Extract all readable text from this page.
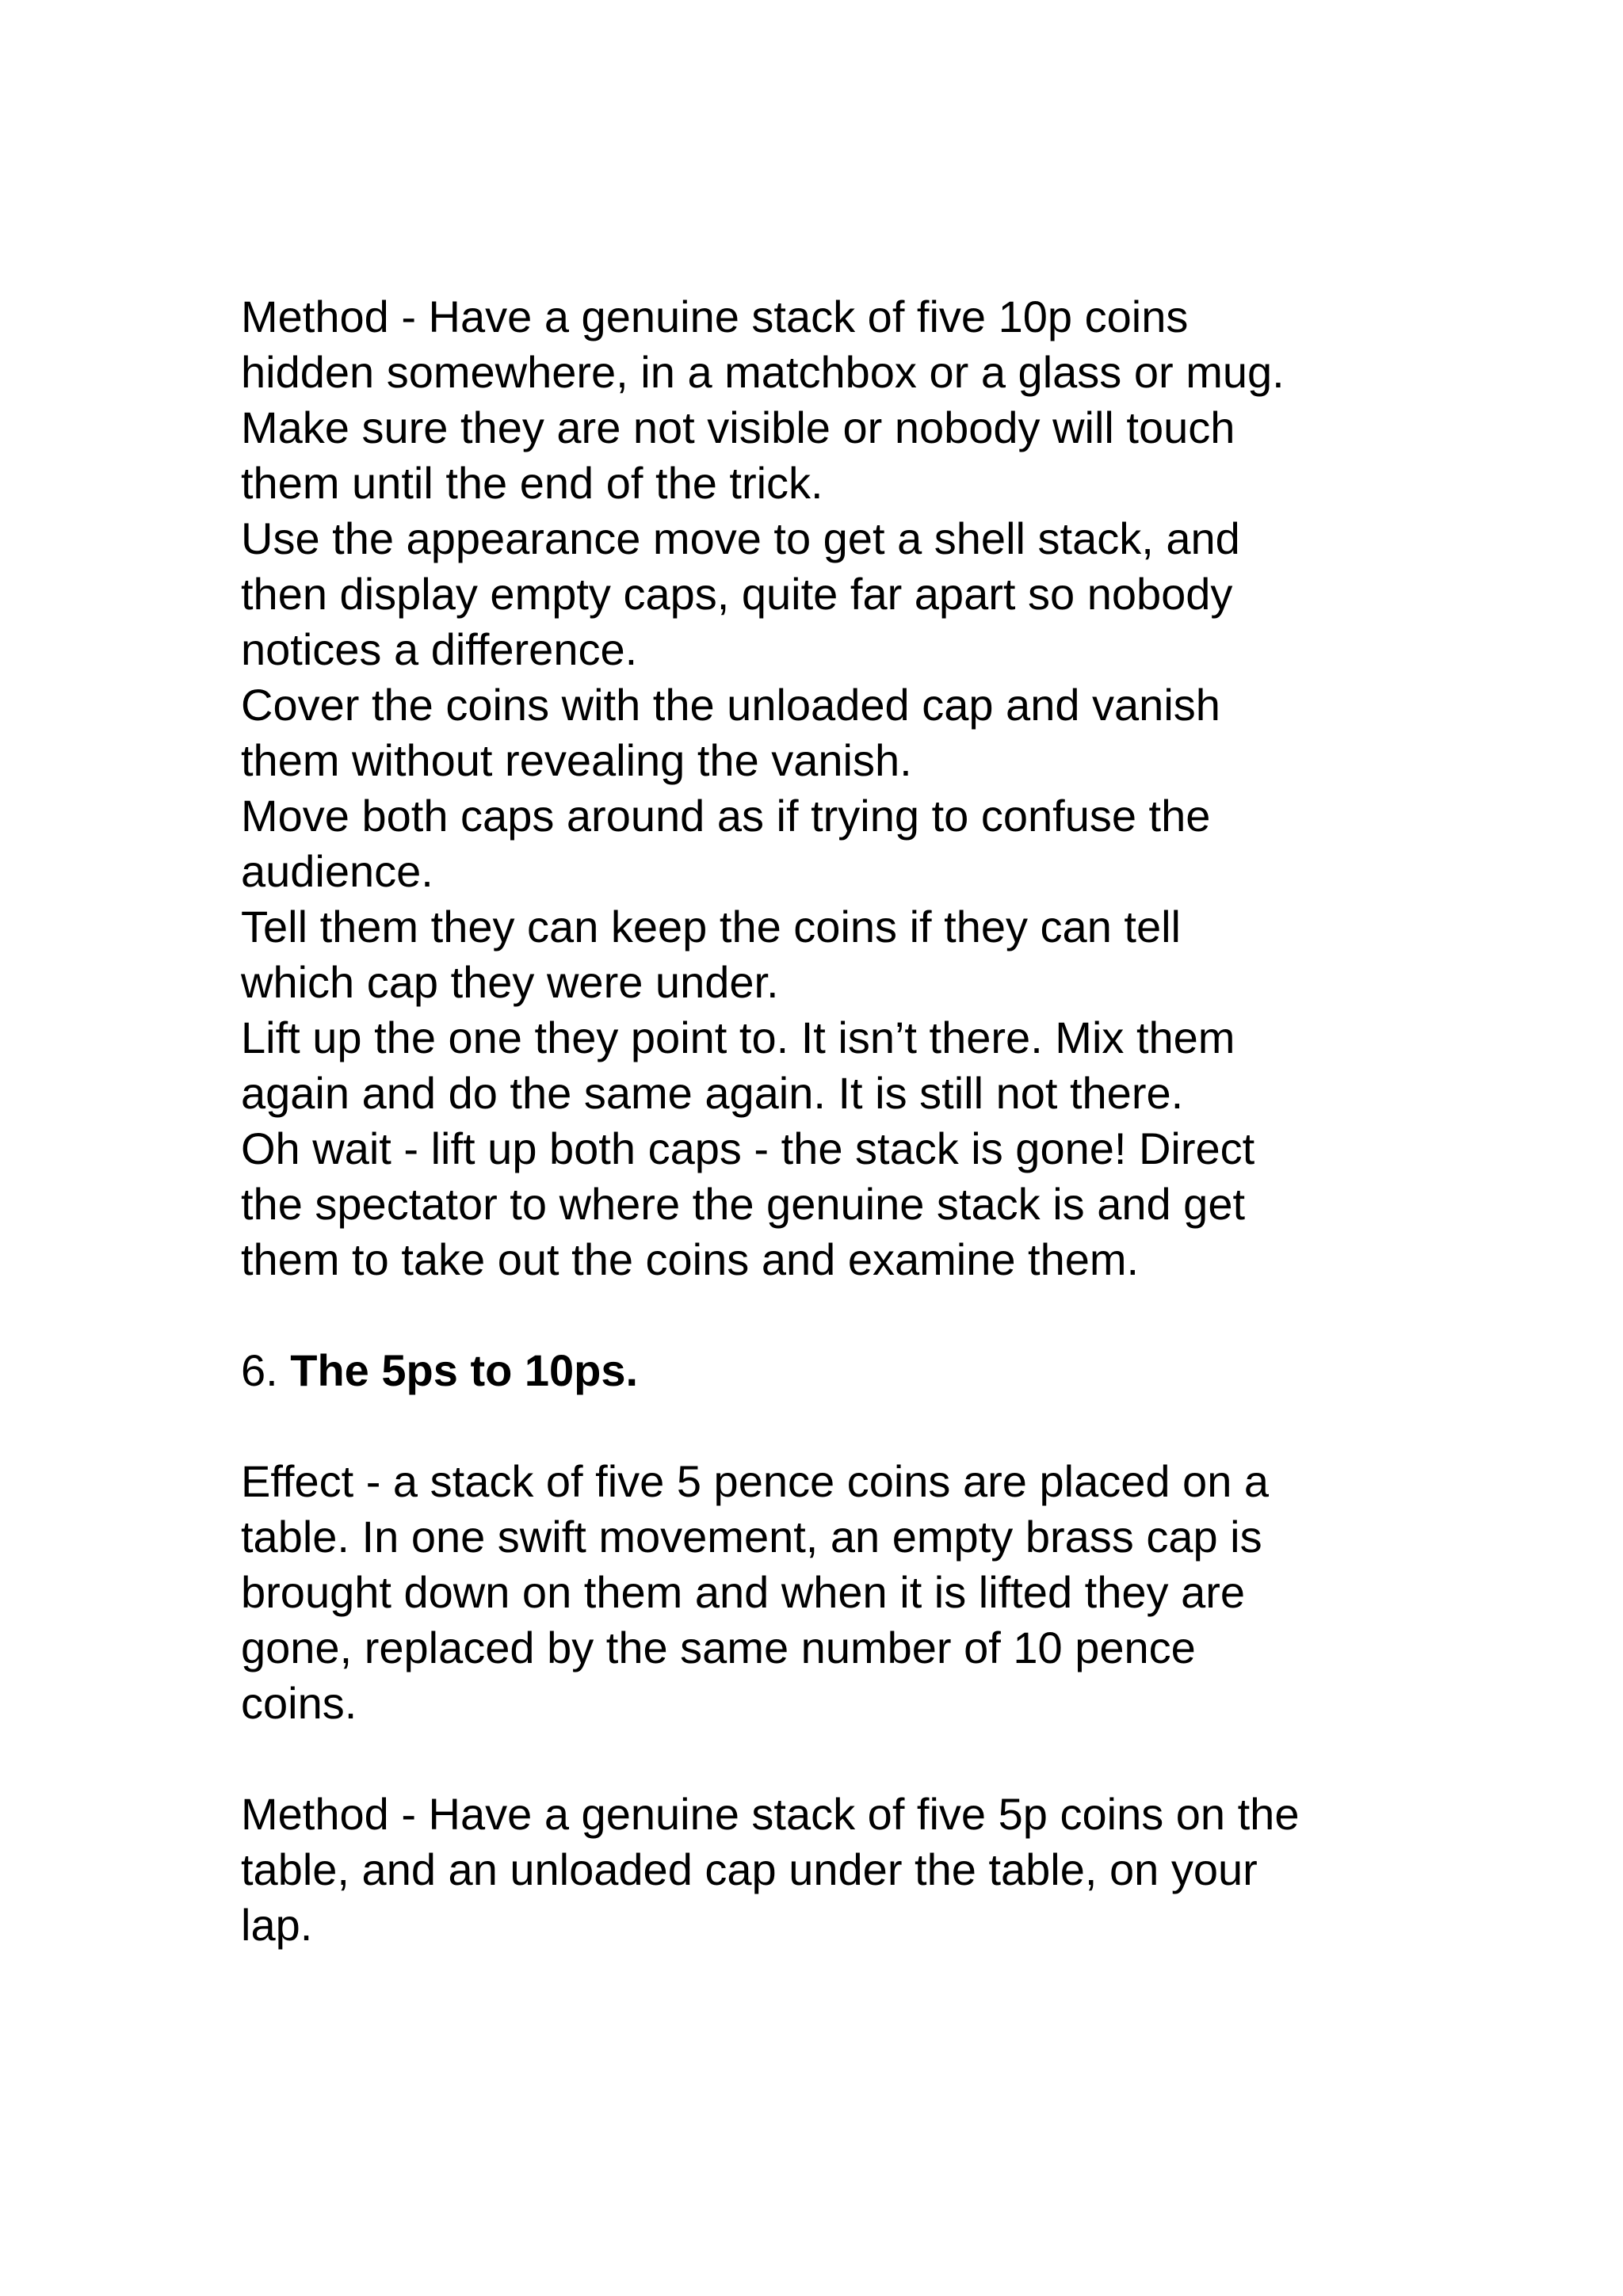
Method - Have a genuine stack of five 10p coins
hidden somewhere, in a matchbox or a glass or mug.
Make sure they are not visible or nobody will touch
them until the end of the trick.
Use the appearance move to get a shell stack, and
then display empty caps, quite far apart so nobody
notices a difference.
Cover the coins with the unloaded cap and vanish
them without revealing the vanish.
Move both caps around as if trying to confuse the
audience.
Tell them they can keep the coins if they can tell
which cap they were under.
Lift up the one they point to. It isn’t there. Mix them
again and do the same again. It is still not there.
Oh wait - lift up both caps - the stack is gone! Direct
the spectator to where the genuine stack is and get
them to take out the coins and examine them.
6. The 5ps to 10ps.
Effect - a stack of five 5 pence coins are placed on a
table. In one swift movement, an empty brass cap is
brought down on them and when it is lifted they are
gone, replaced by the same number of 10 pence
coins.
Method - Have a genuine stack of five 5p coins on the
table, and an unloaded cap under the table, on your
lap.
